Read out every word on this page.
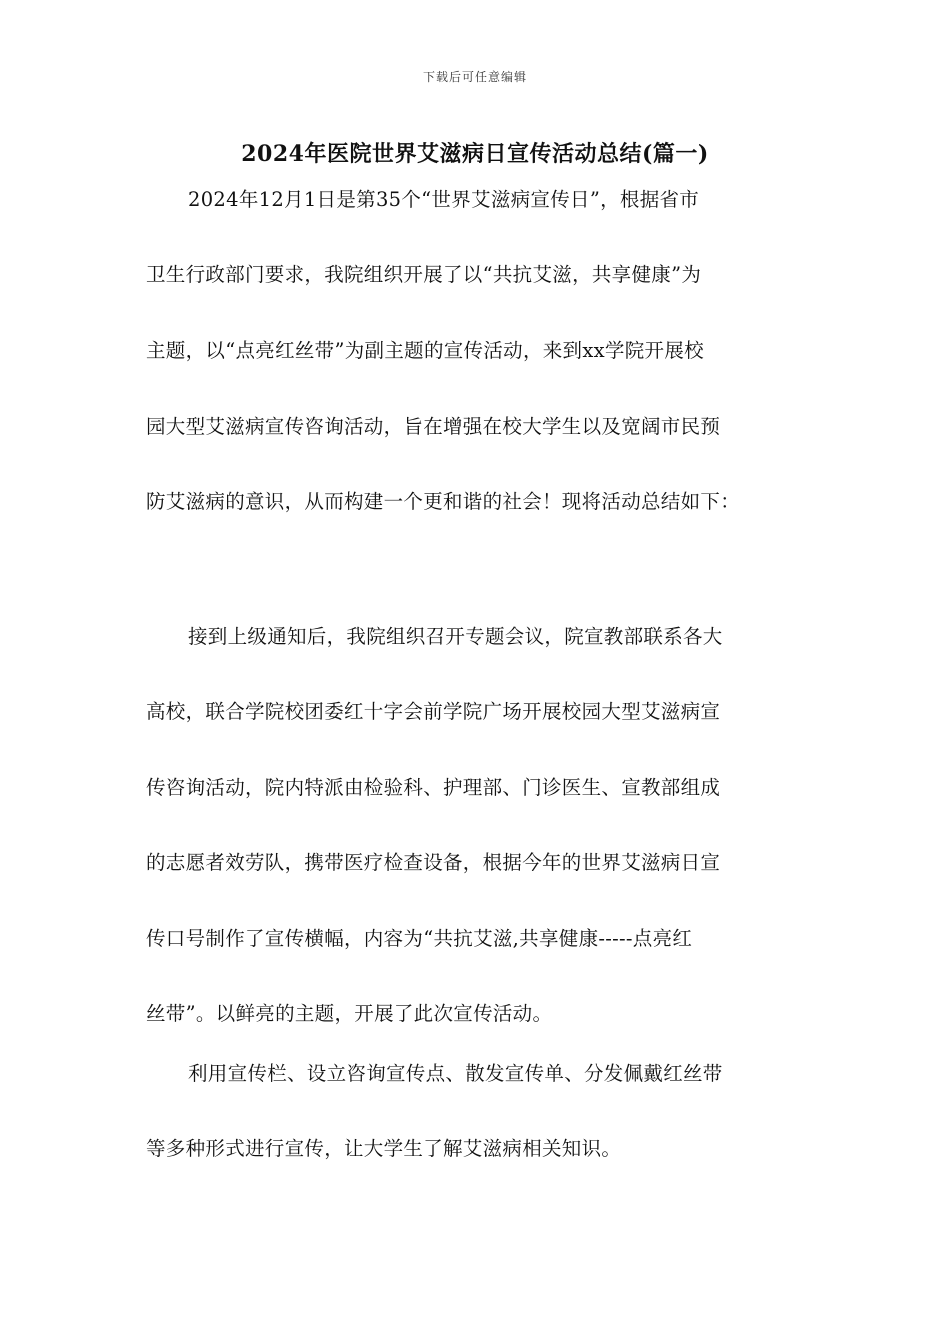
下载后可任意编辑
2024年医院世界艾滋病日宣传活动总结(篇一)
2024年12月1日是第35个“世界艾滋病宣传日”，根据省市
卫生行政部门要求，我院组织开展了以“共抗艾滋，共享健康”为
主题，以“点亮红丝带”为副主题的宣传活动，来到xx学院开展校
园大型艾滋病宣传咨询活动，旨在增强在校大学生以及宽阔市民预
防艾滋病的意识，从而构建一个更和谐的社会！现将活动总结如下：
接到上级通知后，我院组织召开专题会议，院宣教部联系各大
高校，联合学院校团委红十字会前学院广场开展校园大型艾滋病宣
传咨询活动，院内特派由检验科、护理部、门诊医生、宣教部组成
的志愿者效劳队，携带医疗检查设备，根据今年的世界艾滋病日宣
传口号制作了宣传横幅，内容为“共抗艾滋,共享健康-----点亮红
丝带”。以鲜亮的主题，开展了此次宣传活动。
利用宣传栏、设立咨询宣传点、散发宣传单、分发佩戴红丝带
等多种形式进行宣传，让大学生了解艾滋病相关知识。
